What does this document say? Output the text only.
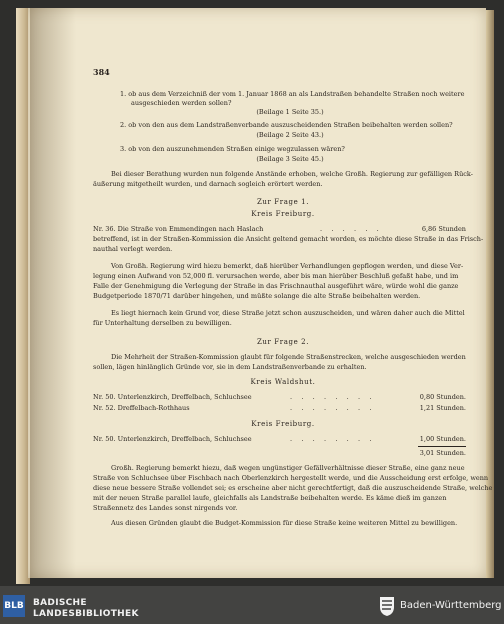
384
1. ob aus dem Verzeichniß der vom 1. Januar 1868 an als Landstraßen behandelte Straßen noch weitere
ausgeschieden werden sollen?
(Beilage 1 Seite 35.)
2. ob von den aus dem Landstraßenverbande auszuscheidenden Straßen beibehalten werden sollen?
(Beilage 2 Seite 43.)
3. ob von den auszunehmenden Straßen einige wegzulassen wären?
(Beilage 3 Seite 45.)
Bei dieser Berathung wurden nun folgende Anstände erhoben, welche Großh. Regierung zur gefälligen Rück-
äußerung mitgetheilt wurden, und darnach sogleich erörtert werden.
Zur Frage 1.
Kreis Freiburg.
Nr. 36. Die Straße von Emmendingen nach Haslach	. . . . . .	6,86 Stunden
betreffend, ist in der Straßen-Kommission die Ansicht geltend gemacht worden, es möchte diese Straße in das Frisch-
nauthal verlegt werden.
Von Großh. Regierung wird hiezu bemerkt, daß hierüber Verhandlungen gepflogen werden, und diese Ver-
legung einen Aufwand von 52,000 fl. verursachen werde, aber bis man hierüber Beschluß gefaßt habe, und im
Falle der Genehmigung die Verlegung der Straße in das Frischnauthal ausgeführt wäre, würde wohl die ganze
Budgetperiode 1870/71 darüber hingehen, und müßte solange die alte Straße beibehalten werden.
Es liegt hiernach kein Grund vor, diese Straße jetzt schon auszuscheiden, und wären daher auch die Mittel
für Unterhaltung derselben zu bewilligen.
Zur Frage 2.
Die Mehrheit der Straßen-Kommission glaubt für folgende Straßenstrecken, welche ausgeschieden werden
sollen, lägen hinlänglich Gründe vor, sie in dem Landstraßenverbande zu erhalten.
Kreis Waldshut.
Nr. 50. Unterlenzkirch, Dreffelbach, Schluchsee	. . . . . . . .	0,80 Stunden.
Nr. 52. Dreffelbach-Rothhaus	. . . . . . . .	1,21 Stunden.
Kreis Freiburg.
Nr. 50. Unterlenzkirch, Dreffelbach, Schluchsee	. . . . . . . .	1,00 Stunden.
3,01 Stunden.
Großh. Regierung bemerkt hiezu, daß wegen ungünstiger Gefällverhältnisse dieser Straße, eine ganz neue
Straße von Schluchsee über Fischbach nach Oberlenzkirch hergestellt werde, und die Ausscheidung erst erfolge, wenn
diese neue bessere Straße vollendet sei; es erscheine aber nicht gerechtfertigt, daß die auszuscheidende Straße, welche
mit der neuen Straße parallel laufe, gleichfalls als Landstraße beibehalten werde. Es käme dieß im ganzen
Straßennetz des Landes sonst nirgends vor.
Aus diesen Gründen glaubt die Budget-Kommission für diese Straße keine weiteren Mittel zu bewilligen.
BLB BADISCHE
LANDESBIBLIOTHEK
Baden-Württemberg
